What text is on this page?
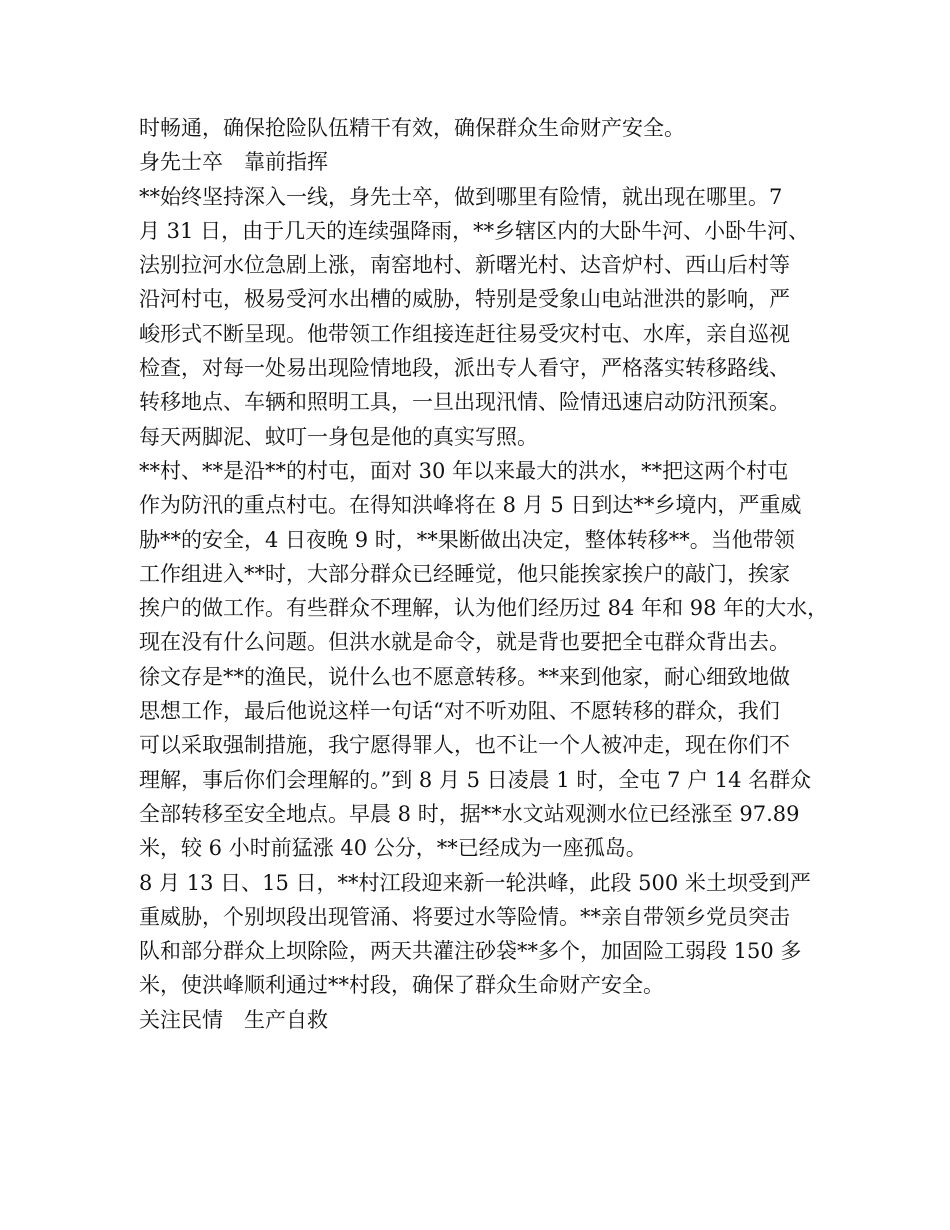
时畅通，确保抢险队伍精干有效，确保群众生命财产安全。
身先士卒　靠前指挥
**始终坚持深入一线，身先士卒，做到哪里有险情，就出现在哪里。7
月 31 日，由于几天的连续强降雨，**乡辖区内的大卧牛河、小卧牛河、
法别拉河水位急剧上涨，南窑地村、新曙光村、达音炉村、西山后村等
沿河村屯，极易受河水出槽的威胁，特别是受象山电站泄洪的影响，严
峻形式不断呈现。他带领工作组接连赶往易受灾村屯、水库，亲自巡视
检查，对每一处易出现险情地段，派出专人看守，严格落实转移路线、
转移地点、车辆和照明工具，一旦出现汛情、险情迅速启动防汛预案。
每天两脚泥、蚊叮一身包是他的真实写照。
**村、**是沿**的村屯，面对 30 年以来最大的洪水，**把这两个村屯
作为防汛的重点村屯。在得知洪峰将在 8 月 5 日到达**乡境内，严重威
胁**的安全，4 日夜晚 9 时，**果断做出决定，整体转移**。当他带领
工作组进入**时，大部分群众已经睡觉，他只能挨家挨户的敲门，挨家
挨户的做工作。有些群众不理解，认为他们经历过 84 年和 98 年的大水，
现在没有什么问题。但洪水就是命令，就是背也要把全屯群众背出去。
徐文存是**的渔民，说什么也不愿意转移。**来到他家，耐心细致地做
思想工作，最后他说这样一句话“对不听劝阻、不愿转移的群众，我们
可以采取强制措施，我宁愿得罪人，也不让一个人被冲走，现在你们不
理解，事后你们会理解的。”到 8 月 5 日凌晨 1 时，全屯 7 户 14 名群众
全部转移至安全地点。早晨 8 时，据**水文站观测水位已经涨至 97.89
米，较 6 小时前猛涨 40 公分，**已经成为一座孤岛。
8 月 13 日、15 日，**村江段迎来新一轮洪峰，此段 500 米土坝受到严
重威胁，个别坝段出现管涌、将要过水等险情。**亲自带领乡党员突击
队和部分群众上坝除险，两天共灌注砂袋**多个，加固险工弱段 150 多
米，使洪峰顺利通过**村段，确保了群众生命财产安全。
关注民情　生产自救
